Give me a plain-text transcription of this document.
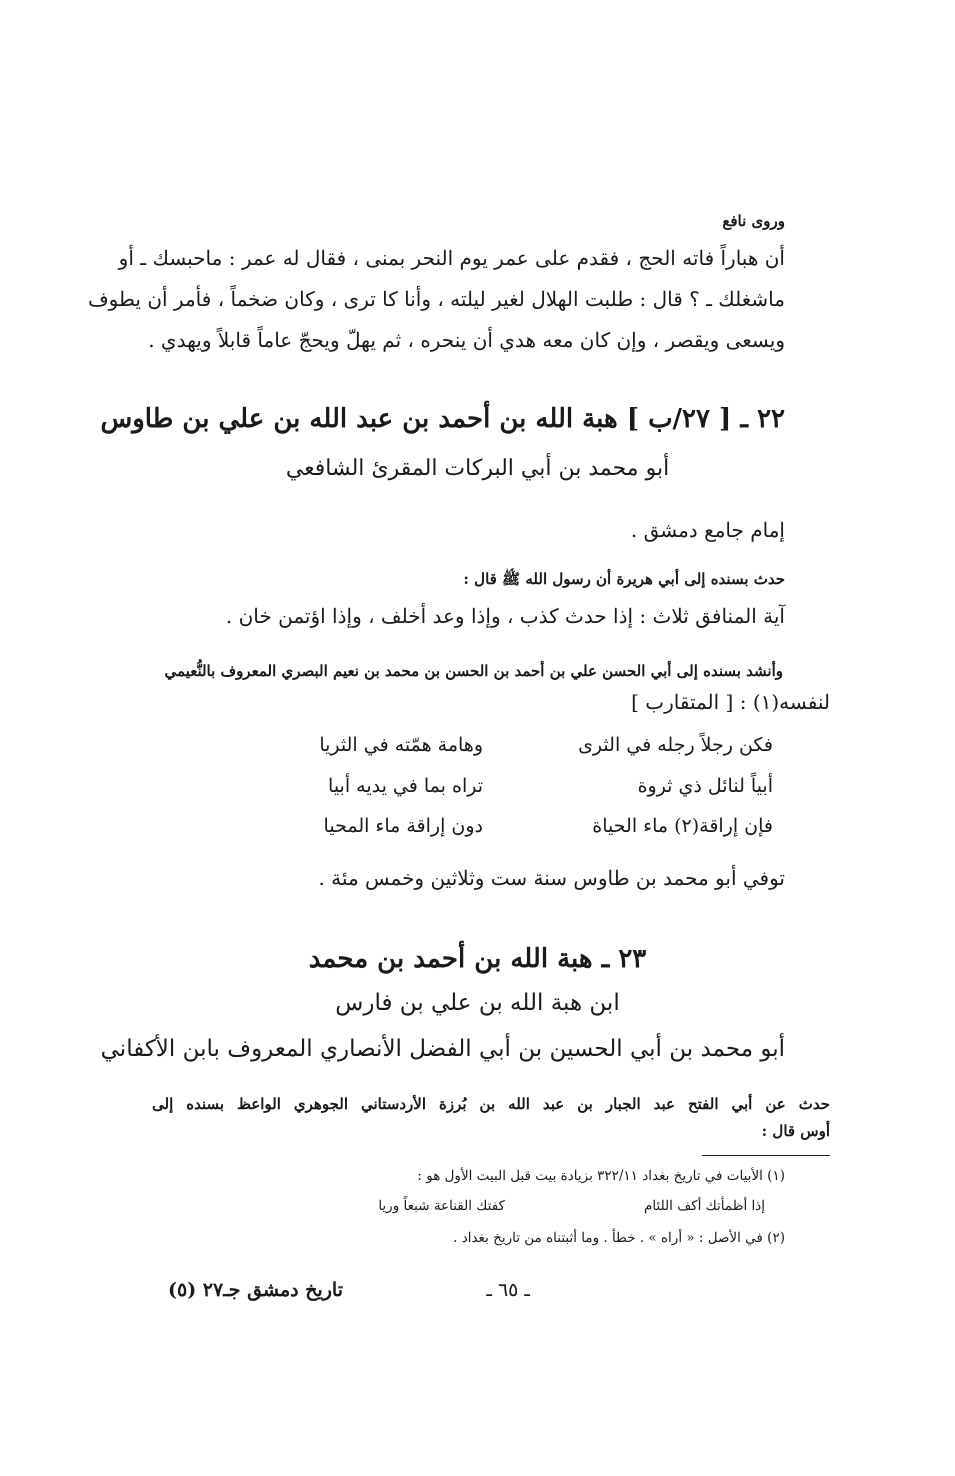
وروى نافع
أن هباراً فاته الحج ، فقدم على عمر يوم النحر بمنى ، فقال له عمر : ماحبسك ـ أو
ماشغلك ـ ؟ قال : طلبت الهلال لغير ليلته ، وأنا كا ترى ، وكان ضخماً ، فأمر أن يطوف
ويسعى ويقصر ، وإن كان معه هدي أن ينحره ، ثم يهلّ ويحجّ عاماً قابلاً ويهدي .
٢٢ ـ [ ٢٧/ب ] هبة الله بن أحمد بن عبد الله بن علي بن طاوس
أبو محمد بن أبي البركات المقرئ الشافعي
إمام جامع دمشق .
حدث بسنده إلى أبي هريرة أن رسول الله ﷺ قال :
آية المنافق ثلاث : إذا حدث كذب ، وإذا وعد أخلف ، وإذا اؤتمن خان .
وأنشد بسنده إلى أبي الحسن علي بن أحمد بن الحسن بن محمد بن نعيم البصري المعروف بالنُّعيمي
لنفسه(١) : [ المتقارب ]
فكن رجلاً رجله في الثرى
وهامة همّته في الثريا
أبياً لنائل ذي ثروة
تراه بما في يديه أبيا
فإن إراقة(٢) ماء الحياة
دون إراقة ماء المحيا
توفي أبو محمد بن طاوس سنة ست وثلاثين وخمس مئة .
٢٣ ـ هبة الله بن أحمد بن محمد
ابن هبة الله بن علي بن فارس
أبو محمد بن أبي الحسين بن أبي الفضل الأنصاري المعروف بابن الأكفاني
حدث عن أبي الفتح عبد الجبار بن عبد الله بن بُرزة الأردستاني الجوهري الواعظ بسنده إلى
أوس قال :
(١) الأبيات في تاريخ بغداد ٣٢٢/١١ بزيادة بيت قبل البيت الأول هو :
إذا أظمأتك أكف اللئام
كفتك القناعة شبعاً وريا
(٢) في الأصل : « أراه » . خطأ . وما أثبتناه من تاريخ بغداد .
ـ ٦٥ ـ
تاريخ دمشق جـ٢٧ (٥)
